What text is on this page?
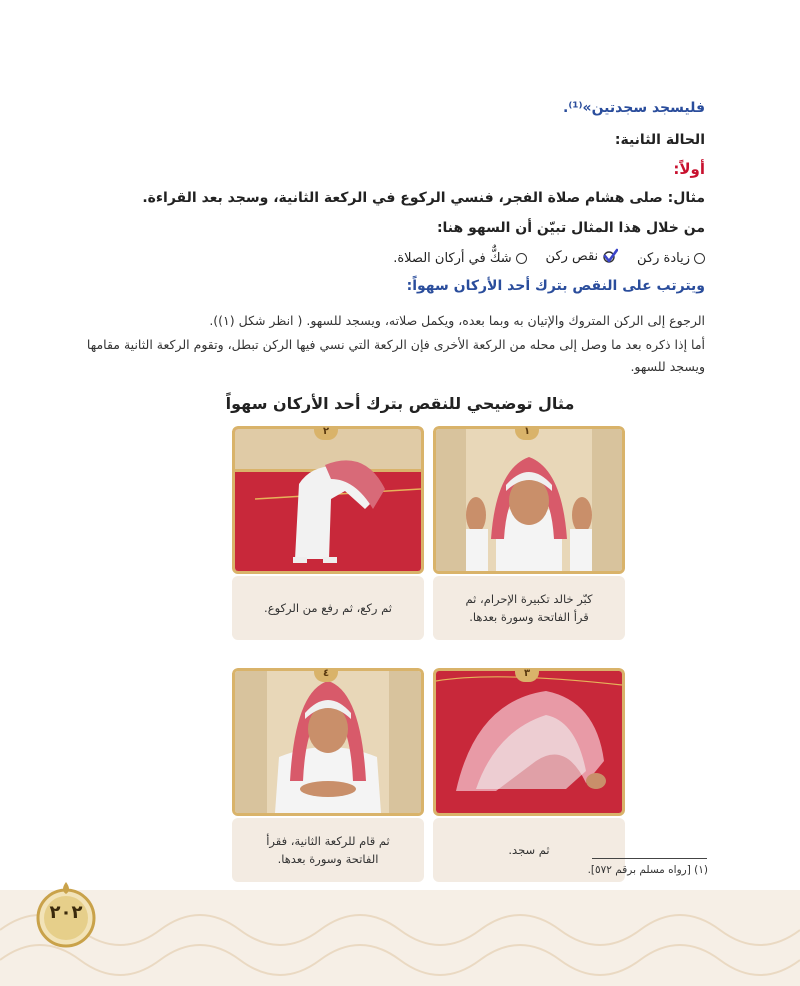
فليسجد سجدتين»⁽¹⁾.
الحالة الثانية:
أولاً:
مثال: صلى هشام صلاة الفجر، فنسي الركوع في الركعة الثانية، وسجد بعد القراءة.
من خلال هذا المثال تبيّن أن السهو هنا:
زيادة ركن

نقص ركن

شكٌّ في أركان الصلاة.
ويترتب على النقص بترك أحد الأركان سهواً:
الرجوع إلى الركن المتروك والإتيان به وبما بعده، ويكمل صلاته، ويسجد للسهو. ( انظر شكل (١)).
أما إذا ذكره بعد ما وصل إلى محله من الركعة الأخرى فإن الركعة التي نسي فيها الركن تبطل، وتقوم الركعة الثانية مقامها ويسجد للسهو.
مثال توضيحي للنقص بترك أحد الأركان سهواً
١
كبّر خالد تكبيرة الإحرام، ثم
قرأ الفاتحة وسورة بعدها.
٢
ثم ركع، ثم رفع من الركوع.
٣
ثم سجد.
٤
ثم قام للركعة الثانية، فقرأ
الفاتحة وسورة بعدها.
(١) [رواه مسلم برقم ٥٧٢].
٢٠٢
